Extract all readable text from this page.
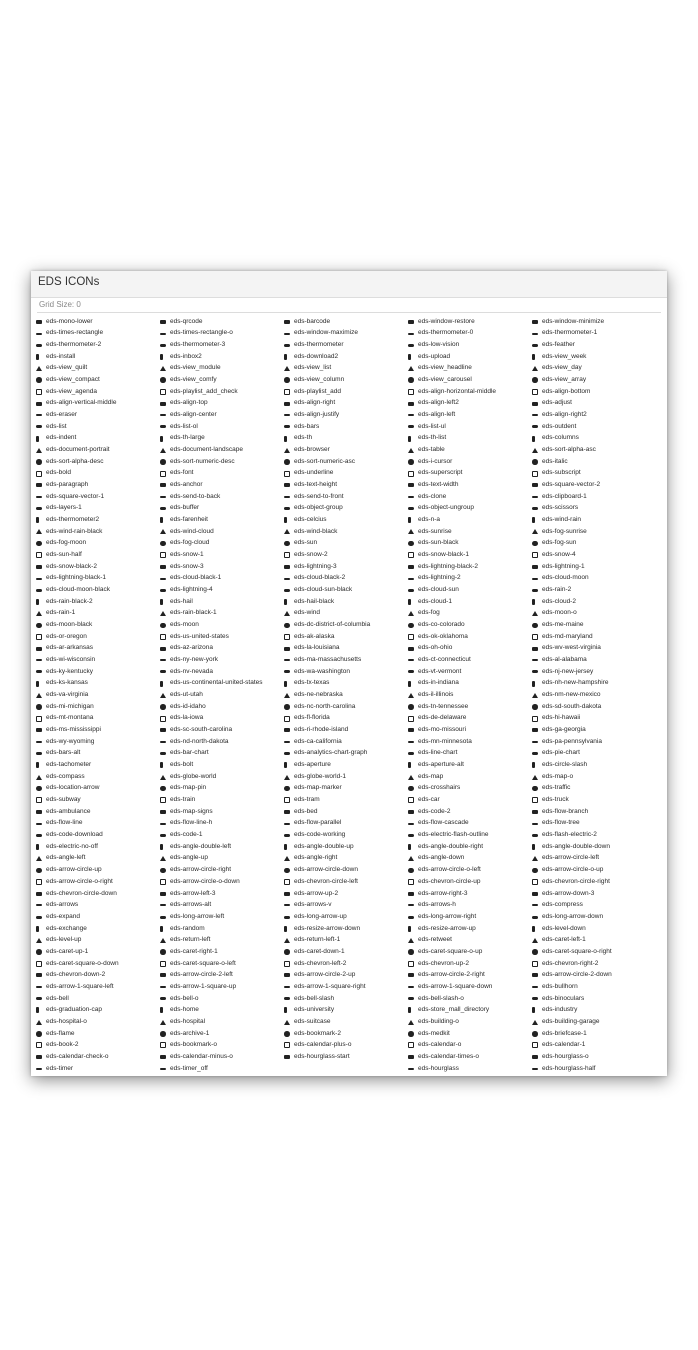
EDS ICONs
Grid Size: 0
eds-mono-lower
eds-times-rectangle
eds-thermometer-2
eds-install
eds-view_quilt
eds-view_compact
eds-view_agenda
eds-align-vertical-middle
eds-eraser
eds-list
eds-indent
eds-document-portrait
eds-sort-alpha-desc
eds-bold
eds-paragraph
eds-square-vector-1
eds-layers-1
eds-thermometer2
eds-wind-rain-black
eds-fog-moon
eds-sun-half
eds-snow-black-2
eds-lightning-black-1
eds-cloud-moon-black
eds-rain-black-2
eds-rain-1
eds-moon-black
eds-or-oregon
eds-ar-arkansas
eds-wi-wisconsin
eds-ky-kentucky
eds-ks-kansas
eds-va-virginia
eds-mi-michigan
eds-mt-montana
eds-ms-mississippi
eds-wy-wyoming
eds-bars-alt
eds-tachometer
eds-compass
eds-location-arrow
eds-subway
eds-ambulance
eds-flow-line
eds-code-download
eds-electric-no-off
eds-angle-left
eds-arrow-circle-up
eds-arrow-circle-o-right
eds-chevron-circle-down
eds-arrows
eds-expand
eds-exchange
eds-level-up
eds-caret-up-1
eds-caret-square-o-down
eds-chevron-down-2
eds-arrow-1-square-left
eds-bell
eds-graduation-cap
eds-hospital-o
eds-flame
eds-book-2
eds-calendar-check-o
eds-timer
eds-qrcode
eds-times-rectangle-o
eds-thermometer-3
eds-inbox2
eds-view_module
eds-view_comfy
eds-playlist_add_check
eds-align-top
eds-align-center
eds-list-ol
eds-th-large
eds-document-landscape
eds-sort-numeric-desc
eds-font
eds-anchor
eds-send-to-back
eds-buffer
eds-farenheit
eds-wind-cloud
eds-fog-cloud
eds-snow-1
eds-snow-3
eds-cloud-black-1
eds-lightning-4
eds-hail
eds-rain-black-1
eds-moon
eds-us-united-states
eds-az-arizona
eds-ny-new-york
eds-nv-nevada
eds-us-continental-united-states
eds-ut-utah
eds-id-idaho
eds-la-iowa
eds-sc-south-carolina
eds-nd-north-dakota
eds-bar-chart
eds-bolt
eds-globe-world
eds-map-pin
eds-train
eds-map-signs
eds-flow-line-h
eds-code-1
eds-angle-double-left
eds-angle-up
eds-arrow-circle-right
eds-arrow-circle-o-down
eds-arrow-left-3
eds-arrows-alt
eds-long-arrow-left
eds-random
eds-return-left
eds-caret-right-1
eds-caret-square-o-left
eds-arrow-circle-2-left
eds-arrow-1-square-up
eds-bell-o
eds-home
eds-hospital
eds-archive-1
eds-bookmark-o
eds-calendar-minus-o
eds-timer_off
eds-barcode
eds-window-maximize
eds-thermometer
eds-download2
eds-view_list
eds-view_column
eds-playlist_add
eds-align-right
eds-align-justify
eds-bars
eds-th
eds-browser
eds-sort-numeric-asc
eds-underline
eds-text-height
eds-send-to-front
eds-object-group
eds-celcius
eds-wind-black
eds-sun
eds-snow-2
eds-lightning-3
eds-cloud-black-2
eds-cloud-sun-black
eds-hail-black
eds-wind
eds-dc-district-of-columbia
eds-ak-alaska
eds-la-louisiana
eds-ma-massachusetts
eds-wa-washington
eds-tx-texas
eds-ne-nebraska
eds-nc-north-carolina
eds-fl-florida
eds-ri-rhode-island
eds-ca-california
eds-analytics-chart-graph
eds-aperture
eds-globe-world-1
eds-map-marker
eds-tram
eds-bed
eds-flow-parallel
eds-code-working
eds-angle-double-up
eds-angle-right
eds-arrow-circle-down
eds-chevron-circle-left
eds-arrow-up-2
eds-arrows-v
eds-long-arrow-up
eds-resize-arrow-down
eds-return-left-1
eds-caret-down-1
eds-chevron-left-2
eds-arrow-circle-2-up
eds-arrow-1-square-right
eds-bell-slash
eds-university
eds-suitcase
eds-bookmark-2
eds-calendar-plus-o
eds-hourglass-start
eds-window-restore
eds-thermometer-0
eds-low-vision
eds-upload
eds-view_headline
eds-view_carousel
eds-align-horizontal-middle
eds-align-left2
eds-align-left
eds-list-ul
eds-th-list
eds-table
eds-i-cursor
eds-superscript
eds-text-width
eds-clone
eds-object-ungroup
eds-n-a
eds-sunrise
eds-sun-black
eds-snow-black-1
eds-lightning-black-2
eds-lightning-2
eds-cloud-sun
eds-cloud-1
eds-fog
eds-co-colorado
eds-ok-oklahoma
eds-oh-ohio
eds-ct-connecticut
eds-vt-vermont
eds-in-indiana
eds-il-illinois
eds-tn-tennessee
eds-de-delaware
eds-mo-missouri
eds-mn-minnesota
eds-line-chart
eds-aperture-alt
eds-map
eds-crosshairs
eds-car
eds-code-2
eds-flow-cascade
eds-electric-flash-outline
eds-angle-double-right
eds-angle-down
eds-arrow-circle-o-left
eds-chevron-circle-up
eds-arrow-right-3
eds-arrows-h
eds-long-arrow-right
eds-resize-arrow-up
eds-retweet
eds-caret-square-o-up
eds-chevron-up-2
eds-arrow-circle-2-right
eds-arrow-1-square-down
eds-bell-slash-o
eds-store_mall_directory
eds-building-o
eds-medkit
eds-calendar-o
eds-calendar-times-o
eds-hourglass
eds-window-minimize
eds-thermometer-1
eds-feather
eds-view_week
eds-view_day
eds-view_array
eds-align-bottom
eds-adjust
eds-align-right2
eds-outdent
eds-columns
eds-sort-alpha-asc
eds-italic
eds-subscript
eds-square-vector-2
eds-clipboard-1
eds-scissors
eds-wind-rain
eds-fog-sunrise
eds-fog-sun
eds-snow-4
eds-lightning-1
eds-cloud-moon
eds-rain-2
eds-cloud-2
eds-moon-o
eds-me-maine
eds-md-maryland
eds-wv-west-virginia
eds-al-alabama
eds-nj-new-jersey
eds-nh-new-hampshire
eds-nm-new-mexico
eds-sd-south-dakota
eds-hi-hawaii
eds-ga-georgia
eds-pa-pennsylvania
eds-pie-chart
eds-circle-slash
eds-map-o
eds-traffic
eds-truck
eds-flow-branch
eds-flow-tree
eds-flash-electric-2
eds-angle-double-down
eds-arrow-circle-left
eds-arrow-circle-o-up
eds-chevron-circle-right
eds-arrow-down-3
eds-compress
eds-long-arrow-down
eds-level-down
eds-caret-left-1
eds-caret-square-o-right
eds-chevron-right-2
eds-arrow-circle-2-down
eds-bullhorn
eds-binoculars
eds-industry
eds-building-garage
eds-briefcase-1
eds-calendar-1
eds-hourglass-o
eds-hourglass-half
